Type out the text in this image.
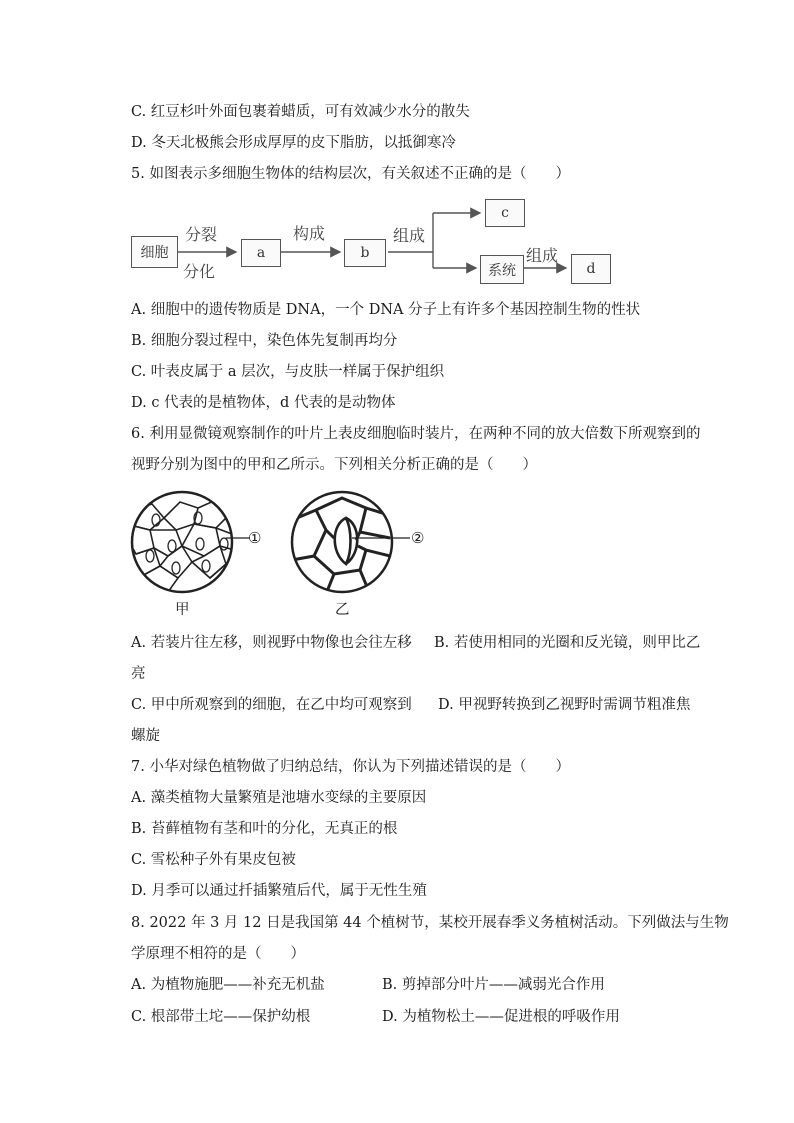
C. 红豆杉叶外面包裹着蜡质，可有效减少水分的散失
D. 冬天北极熊会形成厚厚的皮下脂肪，以抵御寒冷
5. 如图表示多细胞生物体的结构层次，有关叙述不正确的是（　　）
细胞
分裂
分化
a
构成
b
组成
c
系统
组成
d
A. 细胞中的遗传物质是 DNA，一个 DNA 分子上有许多个基因控制生物的性状
B. 细胞分裂过程中，染色体先复制再均分
C. 叶表皮属于 a 层次，与皮肤一样属于保护组织
D. c 代表的是植物体，d 代表的是动物体
6. 利用显微镜观察制作的叶片上表皮细胞临时装片，在两种不同的放大倍数下所观察到的
视野分别为图中的甲和乙所示。下列相关分析正确的是（　　）
①	②
甲	乙
A. 若装片往左移，则视野中物像也会往左移 B. 若使用相同的光圈和反光镜，则甲比乙
亮
C. 甲中所观察到的细胞，在乙中均可观察到 D. 甲视野转换到乙视野时需调节粗准焦
螺旋
7. 小华对绿色植物做了归纳总结，你认为下列描述错误的是（　　）
A. 藻类植物大量繁殖是池塘水变绿的主要原因
B. 苔藓植物有茎和叶的分化，无真正的根
C. 雪松种子外有果皮包被
D. 月季可以通过扦插繁殖后代，属于无性生殖
8. 2022 年 3 月 12 日是我国第 44 个植树节，某校开展春季义务植树活动。下列做法与生物
学原理不相符的是（　　）
A. 为植物施肥——补充无机盐	B. 剪掉部分叶片——减弱光合作用
C. 根部带土坨——保护幼根	D. 为植物松土——促进根的呼吸作用
